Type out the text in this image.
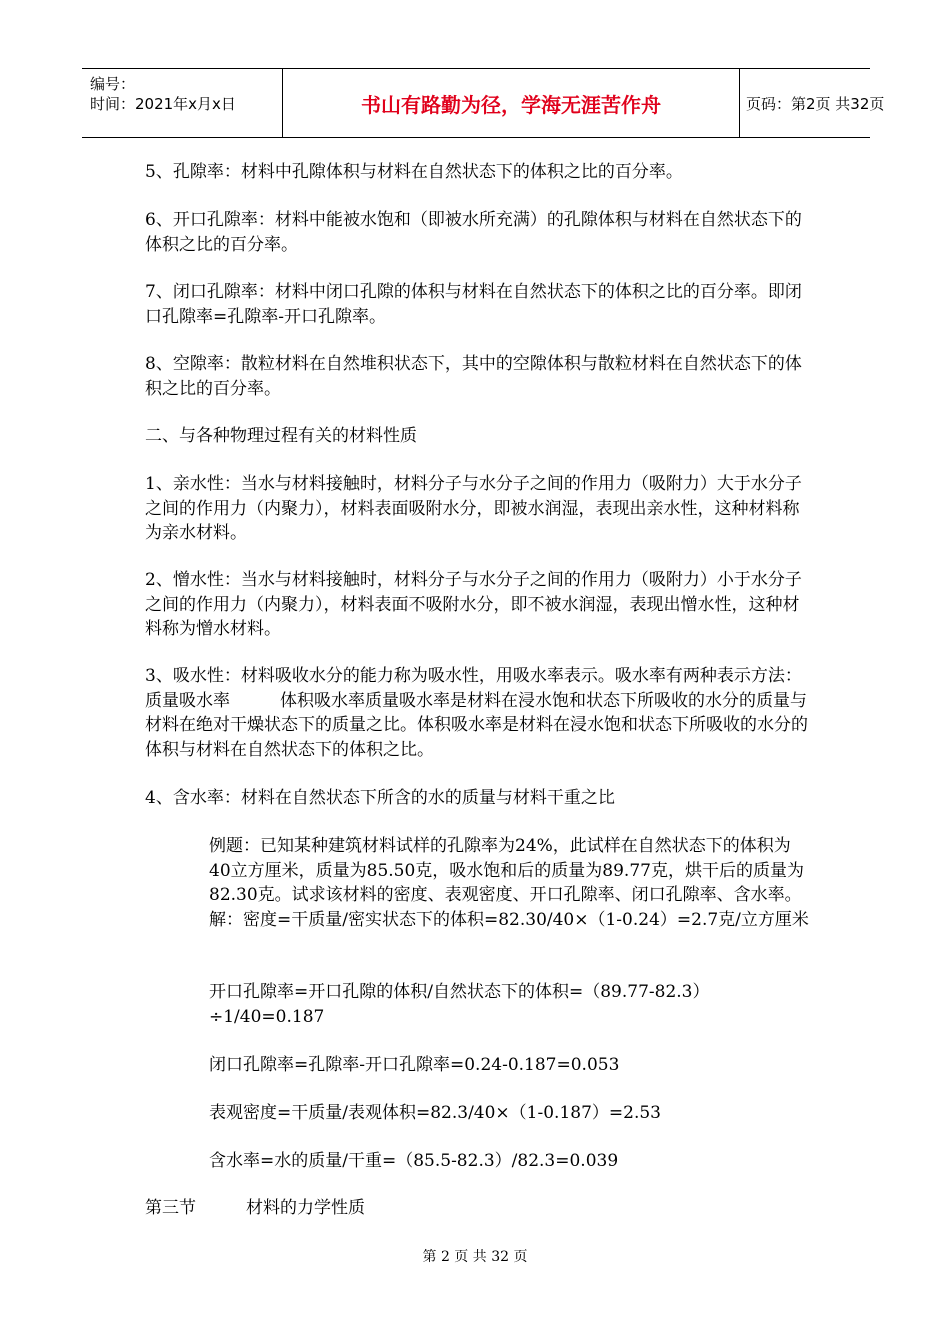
编号：
时间：2021年x月x日	书山有路勤为径，学海无涯苦作舟	页码：第2页 共32页

5、孔隙率：材料中孔隙体积与材料在自然状态下的体积之比的百分率。

6、开口孔隙率：材料中能被水饱和（即被水所充满）的孔隙体积与材料在自然状态下的体积之比的百分率。

7、闭口孔隙率：材料中闭口孔隙的体积与材料在自然状态下的体积之比的百分率。即闭口孔隙率=孔隙率-开口孔隙率。

8、空隙率：散粒材料在自然堆积状态下，其中的空隙体积与散粒材料在自然状态下的体积之比的百分率。

二、与各种物理过程有关的材料性质

1、亲水性：当水与材料接触时，材料分子与水分子之间的作用力（吸附力）大于水分子之间的作用力（内聚力），材料表面吸附水分，即被水润湿，表现出亲水性，这种材料称为亲水材料。

2、憎水性：当水与材料接触时，材料分子与水分子之间的作用力（吸附力）小于水分子之间的作用力（内聚力），材料表面不吸附水分，即不被水润湿，表现出憎水性，这种材料称为憎水材料。

3、吸水性：材料吸收水分的能力称为吸水性，用吸水率表示。吸水率有两种表示方法：质量吸水率	体积吸水率质量吸水率是材料在浸水饱和状态下所吸收的水分的质量与材料在绝对干燥状态下的质量之比。体积吸水率是材料在浸水饱和状态下所吸收的水分的体积与材料在自然状态下的体积之比。

4、含水率：材料在自然状态下所含的水的质量与材料干重之比

例题：已知某种建筑材料试样的孔隙率为24%，此试样在自然状态下的体积为40立方厘米，质量为85.50克，吸水饱和后的质量为89.77克，烘干后的质量为82.30克。试求该材料的密度、表观密度、开口孔隙率、闭口孔隙率、含水率。解：密度=干质量/密实状态下的体积=82.30/40×（1-0.24）=2.7克/立方厘米

开口孔隙率=开口孔隙的体积/自然状态下的体积=（89.77-82.3）÷1/40=0.187

闭口孔隙率=孔隙率-开口孔隙率=0.24-0.187=0.053

表观密度=干质量/表观体积=82.3/40×（1-0.187）=2.53

含水率=水的质量/干重=（85.5-82.3）/82.3=0.039

第三节	材料的力学性质

第 2 页 共 32 页
